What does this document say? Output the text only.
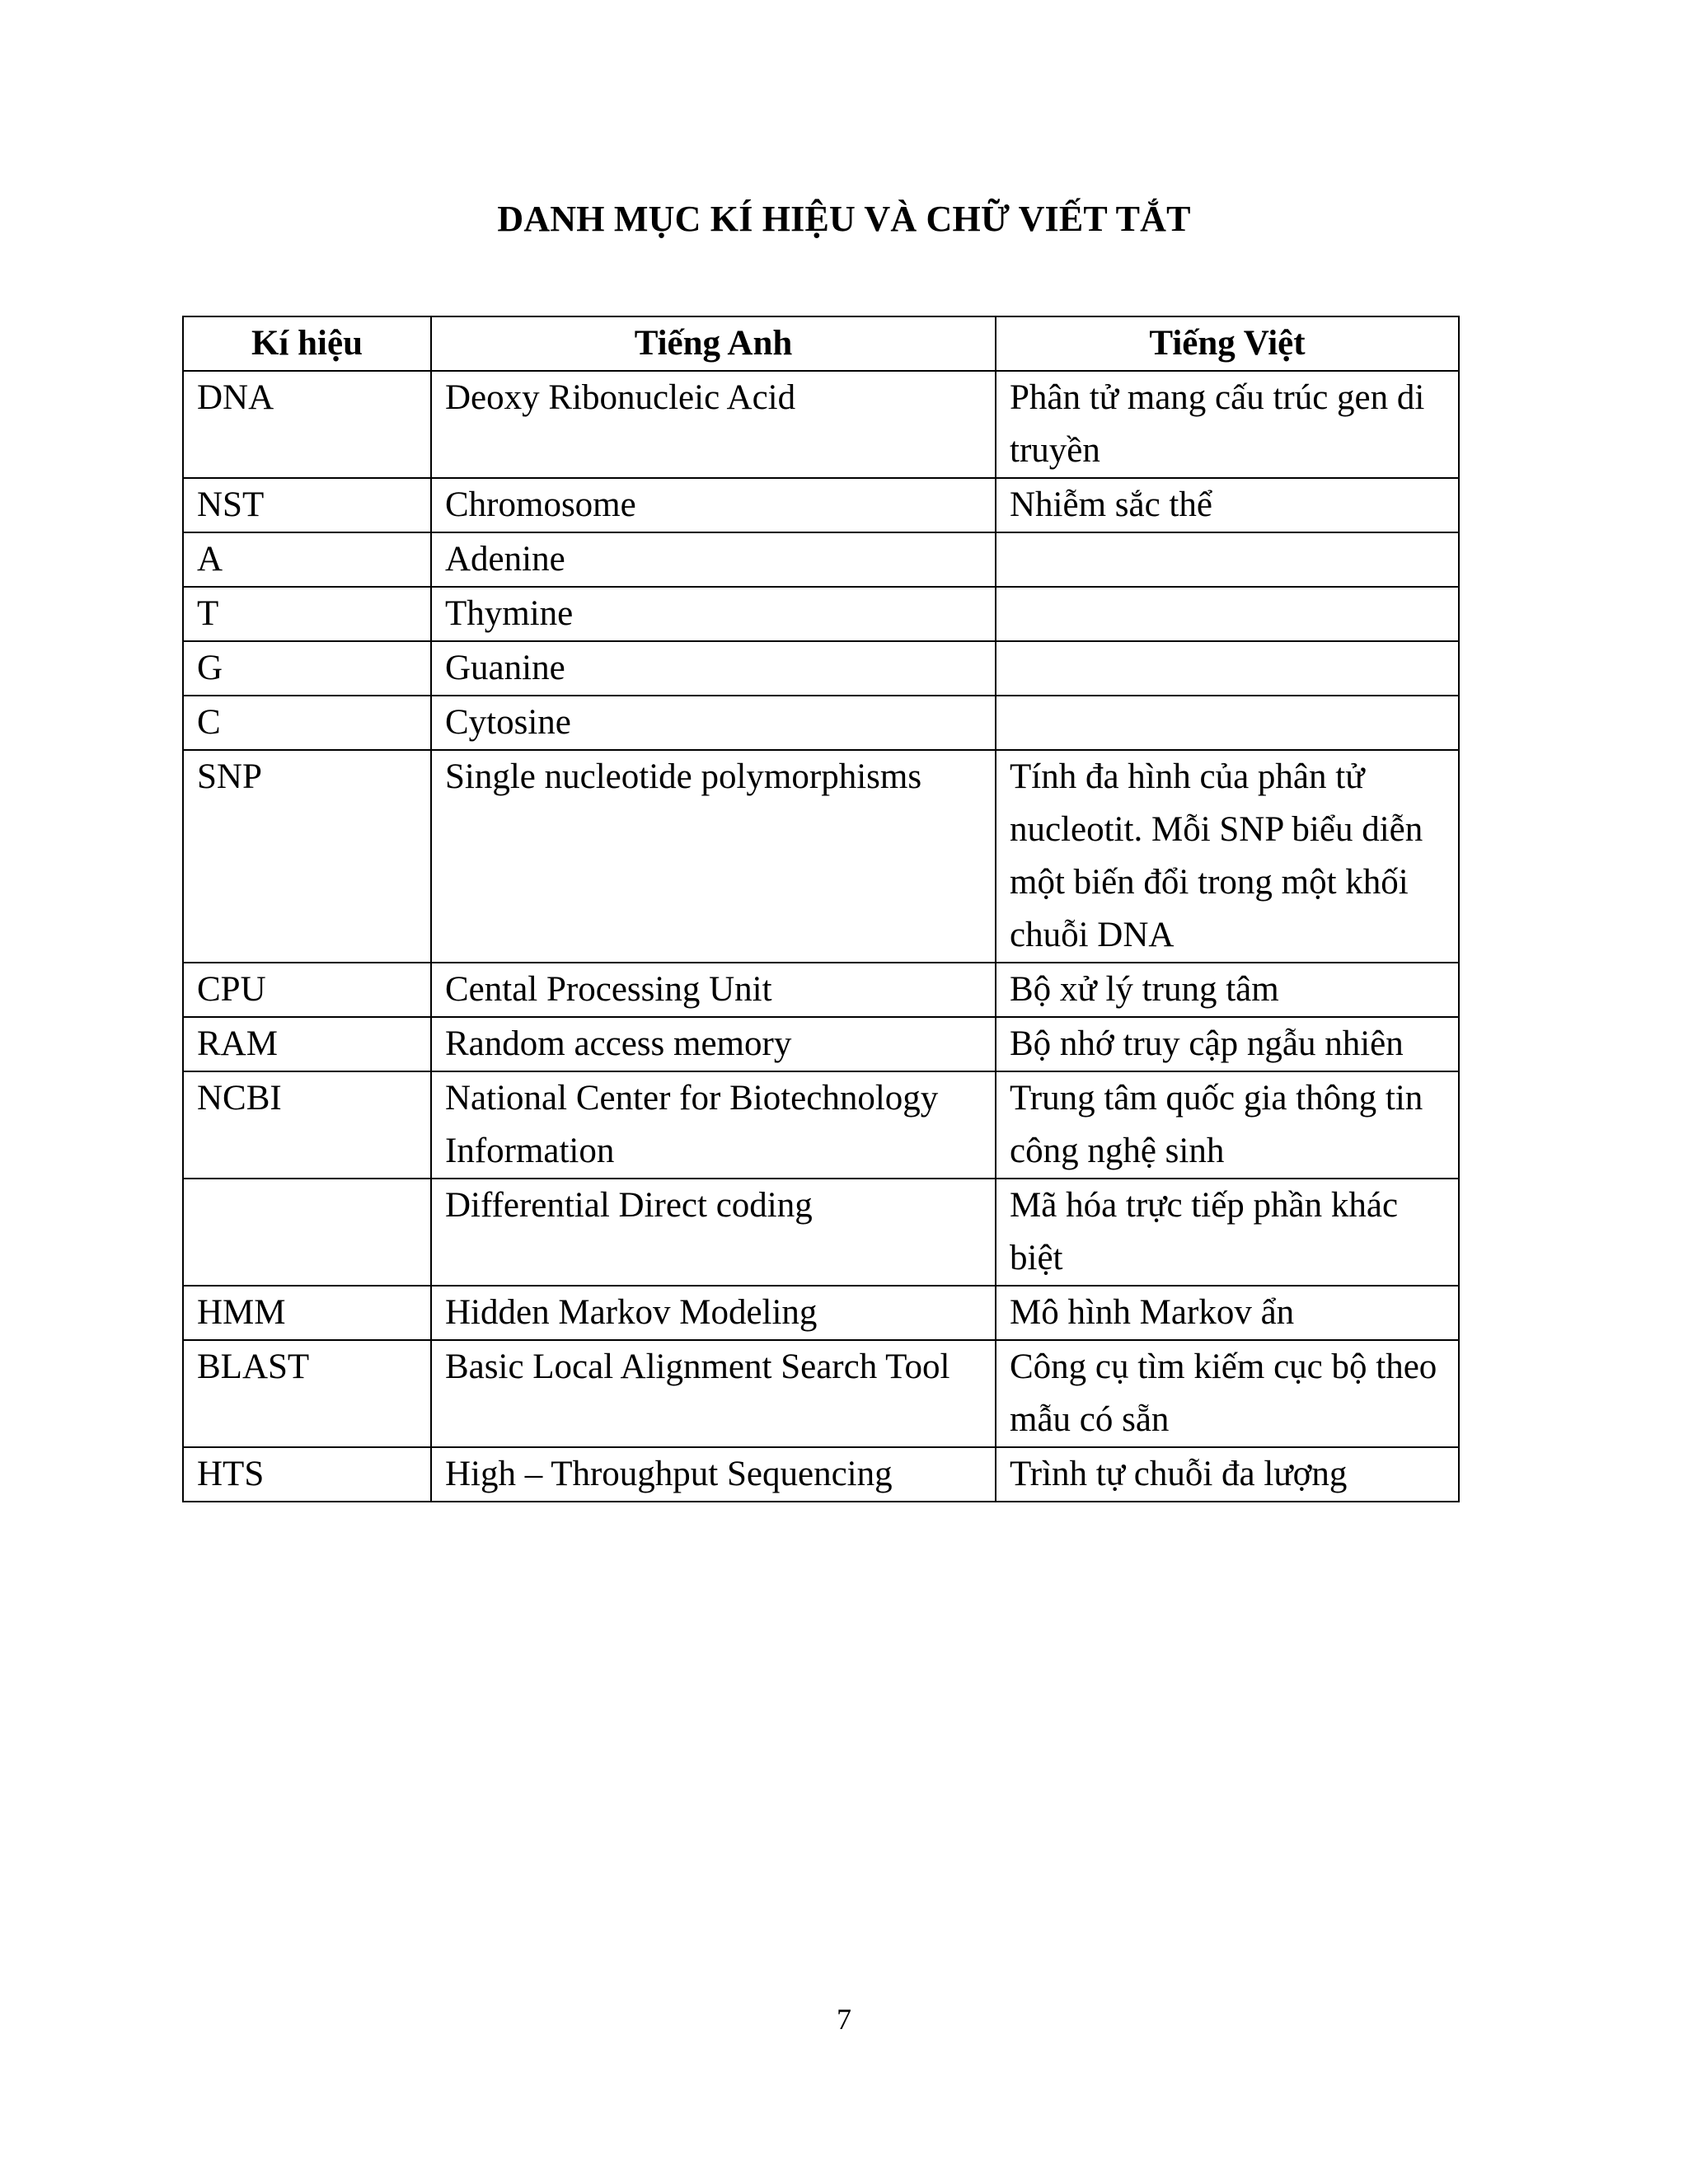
DANH MỤC KÍ HIỆU VÀ CHỮ VIẾT TẮT
Kí hiệu	Tiếng Anh	Tiếng Việt
DNA	Deoxy Ribonucleic Acid	Phân tử mang cấu trúc gen di truyền
NST	Chromosome	Nhiễm sắc thể
A	Adenine	
T	Thymine	
G	Guanine	
C	Cytosine	
SNP	Single nucleotide polymorphisms	Tính đa hình của phân tử nucleotit. Mỗi SNP biểu diễn một biến đổi trong một khối chuỗi DNA
CPU	Cental Processing Unit	Bộ xử lý trung tâm
RAM	Random access memory	Bộ nhớ truy cập ngẫu nhiên
NCBI	National Center for Biotechnology Information	Trung tâm quốc gia thông tin công nghệ sinh
	Differential Direct coding	Mã hóa trực tiếp phần khác biệt
HMM	Hidden Markov Modeling	Mô hình Markov ẩn
BLAST	Basic Local Alignment Search Tool	Công cụ tìm kiếm cục bộ theo mẫu có sẵn
HTS	High – Throughput Sequencing	Trình tự chuỗi đa lượng
7
